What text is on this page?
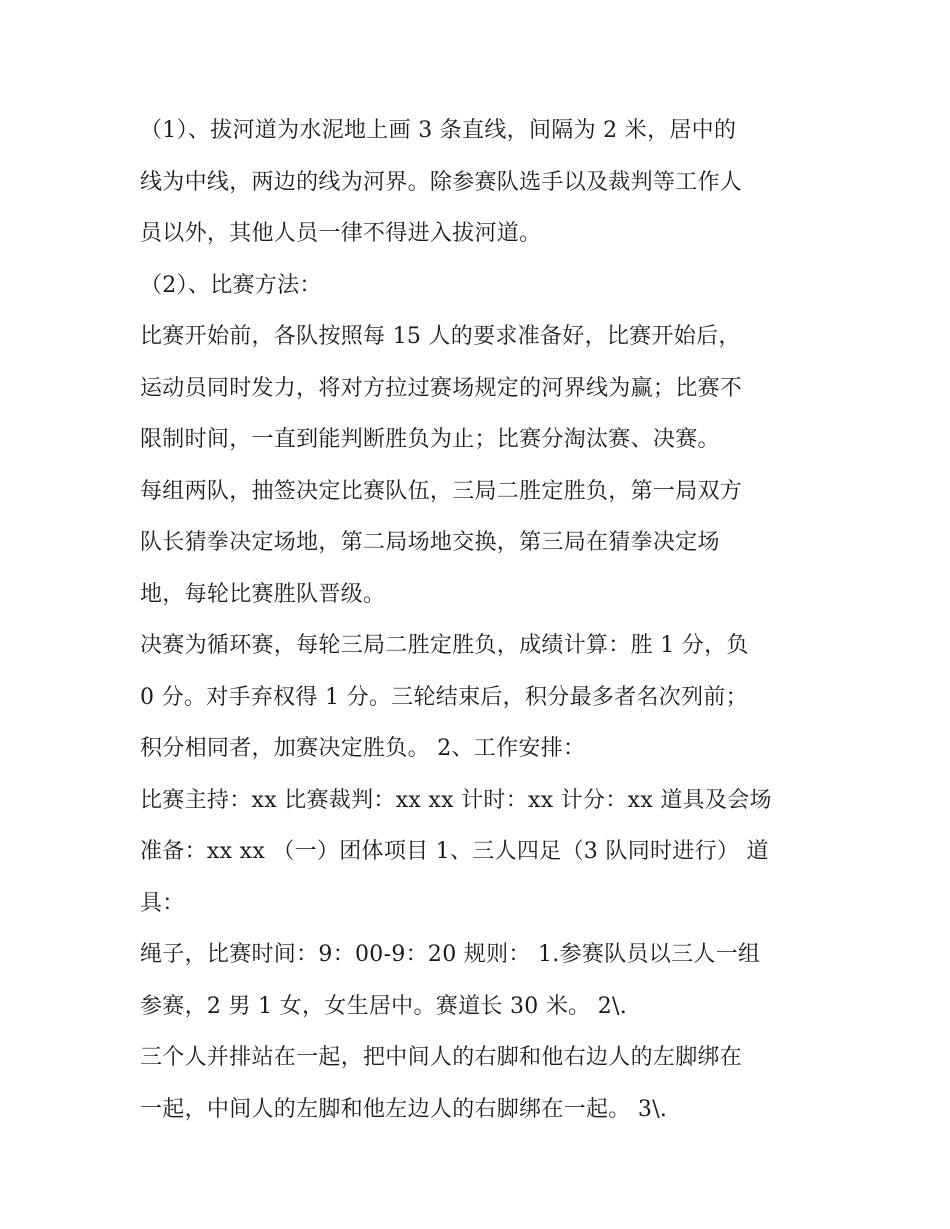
（1）、拔河道为水泥地上画 3 条直线，间隔为 2 米，居中的
线为中线，两边的线为河界。除参赛队选手以及裁判等工作人
员以外，其他人员一律不得进入拔河道。
（2）、比赛方法：
比赛开始前，各队按照每 15 人的要求准备好，比赛开始后，
运动员同时发力，将对方拉过赛场规定的河界线为赢；比赛不
限制时间，一直到能判断胜负为止；比赛分淘汰赛、决赛。
每组两队，抽签决定比赛队伍，三局二胜定胜负，第一局双方
队长猜拳决定场地，第二局场地交换，第三局在猜拳决定场
地，每轮比赛胜队晋级。
决赛为循环赛，每轮三局二胜定胜负，成绩计算：胜 1 分，负
0 分。对手弃权得 1 分。三轮结束后，积分最多者名次列前；
积分相同者，加赛决定胜负。 2、工作安排：
比赛主持：xx 比赛裁判：xx xx 计时：xx 计分：xx 道具及会场
准备：xx xx （一）团体项目 1、三人四足（3 队同时进行） 道
具：
绳子，比赛时间：9：00-9：20 规则： 1.参赛队员以三人一组
参赛，2 男 1 女，女生居中。赛道长 30 米。 2\.
三个人并排站在一起，把中间人的右脚和他右边人的左脚绑在
一起，中间人的左脚和他左边人的右脚绑在一起。 3\.
